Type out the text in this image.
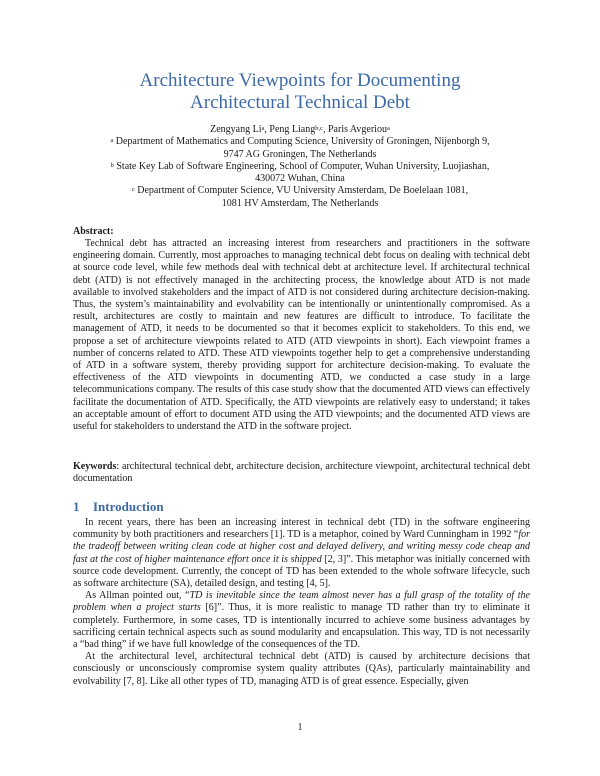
Architecture Viewpoints for Documenting
Architectural Technical Debt
Zengyang Li$^a$, Peng Liang$^{b,c}$, Paris Avgeriou$^a$
$^a$ Department of Mathematics and Computing Science, University of Groningen, Nijenborgh 9,
9747 AG Groningen, The Netherlands
$^b$ State Key Lab of Software Engineering, School of Computer, Wuhan University, Luojiashan,
430072 Wuhan, China
$^c$ Department of Computer Science, VU University Amsterdam, De Boelelaan 1081,
1081 HV Amsterdam, The Netherlands
Abstract:

Technical debt has attracted an increasing interest from researchers and practitioners in the software engineering domain. Currently, most approaches to managing technical debt focus on dealing with technical debt at source code level, while few methods deal with technical debt at architecture level. If architectural technical debt (ATD) is not effectively managed in the architecting process, the knowledge about ATD is not made available to involved stakeholders and the impact of ATD is not considered during architecture decision-making. Thus, the system’s maintainability and evolvability can be intentionally or unintentionally compromised. As a result, architectures are costly to maintain and new features are difficult to introduce. To facilitate the management of ATD, it needs to be documented so that it becomes explicit to stakeholders. To this end, we propose a set of architecture viewpoints related to ATD (ATD viewpoints in short). Each viewpoint frames a number of concerns related to ATD. These ATD viewpoints together help to get a comprehensive understanding of ATD in a software system, thereby providing support for architecture decision-making. To evaluate the effectiveness of the ATD viewpoints in documenting ATD, we conducted a case study in a large telecommunications company. The results of this case study show that the documented ATD views can effectively facilitate the documentation of ATD. Specifically, the ATD viewpoints are relatively easy to understand; it takes an acceptable amount of effort to document ATD using the ATD viewpoints; and the documented ATD views are useful for stakeholders to understand the ATD in the software project.

Keywords: architectural technical debt, architecture decision, architecture viewpoint, architectural technical debt documentation
1 Introduction

In recent years, there has been an increasing interest in technical debt (TD) in the software engineering community by both practitioners and researchers [1]. TD is a metaphor, coined by Ward Cunningham in 1992 “for the tradeoff between writing clean code at higher cost and delayed delivery, and writing messy code cheap and fast at the cost of higher maintenance effort once it is shipped [2, 3]”. This metaphor was initially concerned with source code development. Currently, the concept of TD has been extended to the whole software lifecycle, such as software architecture (SA), detailed design, and testing [4, 5].

As Allman pointed out, “TD is inevitable since the team almost never has a full grasp of the totality of the problem when a project starts [6]”. Thus, it is more realistic to manage TD rather than try to eliminate it completely. Furthermore, in some cases, TD is intentionally incurred to achieve some business advantages by sacrificing certain technical aspects such as sound modularity and encapsulation. This way, TD is not necessarily a “bad thing” if we have full knowledge of the consequences of the TD.

At the architectural level, architectural technical debt (ATD) is caused by architecture decisions that consciously or unconsciously compromise system quality attributes (QAs), particularly maintainability and evolvability [7, 8]. Like all other types of TD, managing ATD is of great essence. Especially, given

1
